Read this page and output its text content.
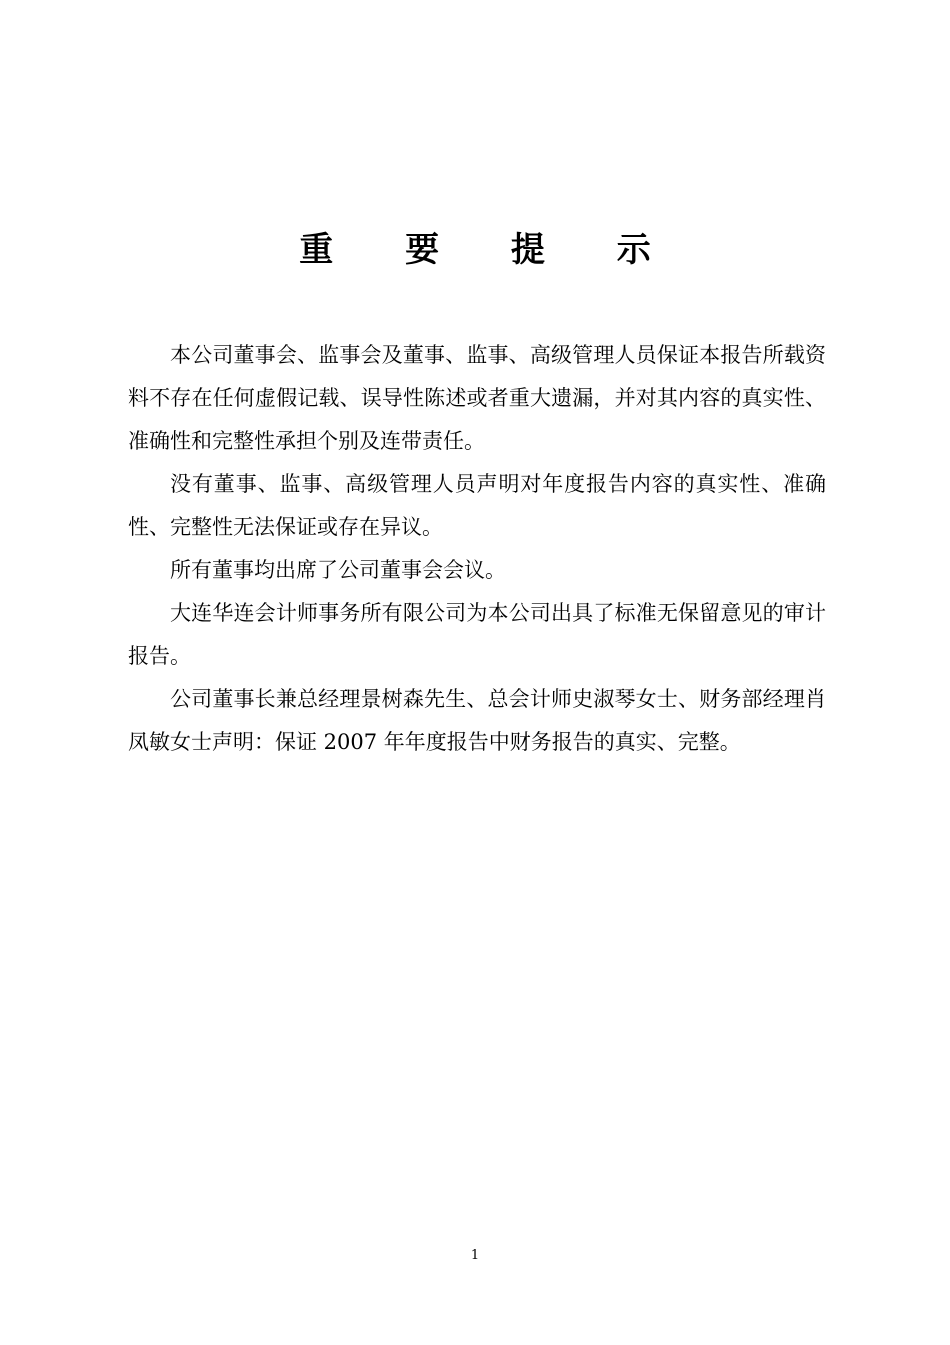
重 要 提 示

本公司董事会、监事会及董事、监事、高级管理人员保证本报告所载资料不存在任何虚假记载、误导性陈述或者重大遗漏，并对其内容的真实性、准确性和完整性承担个别及连带责任。

没有董事、监事、高级管理人员声明对年度报告内容的真实性、准确性、完整性无法保证或存在异议。

所有董事均出席了公司董事会会议。

大连华连会计师事务所有限公司为本公司出具了标准无保留意见的审计报告。

公司董事长兼总经理景树森先生、总会计师史淑琴女士、财务部经理肖凤敏女士声明：保证 2007 年年度报告中财务报告的真实、完整。

1
